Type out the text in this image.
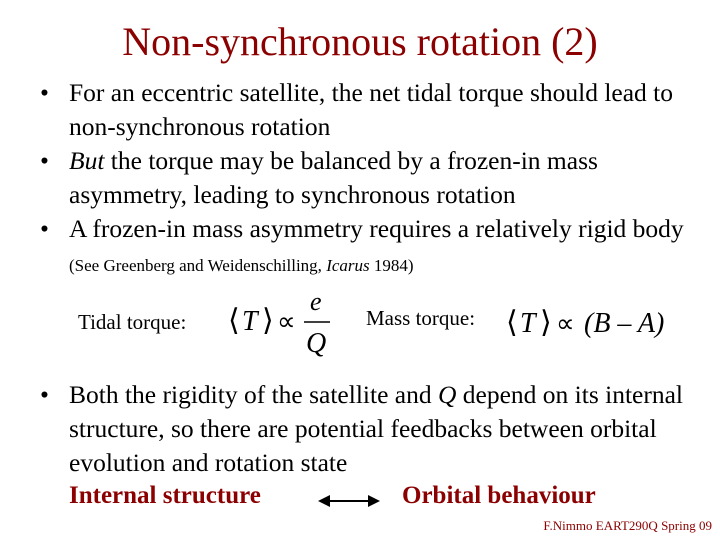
Non-synchronous rotation (2)
• For an eccentric satellite, the net tidal torque should lead to non-synchronous rotation
• But the torque may be balanced by a frozen-in mass asymmetry, leading to synchronous rotation
• A frozen-in mass asymmetry requires a relatively rigid body (See Greenberg and Weidenschilling, Icarus 1984)
Tidal torque: ⟨ T ⟩ ∝
e
Q
Mass torque: ⟨ T ⟩ ∝ (B – A)
• Both the rigidity of the satellite and Q depend on its internal structure, so there are potential feedbacks between orbital evolution and rotation state
Internal structure	Orbital behaviour
F.Nimmo EART290Q Spring 09
